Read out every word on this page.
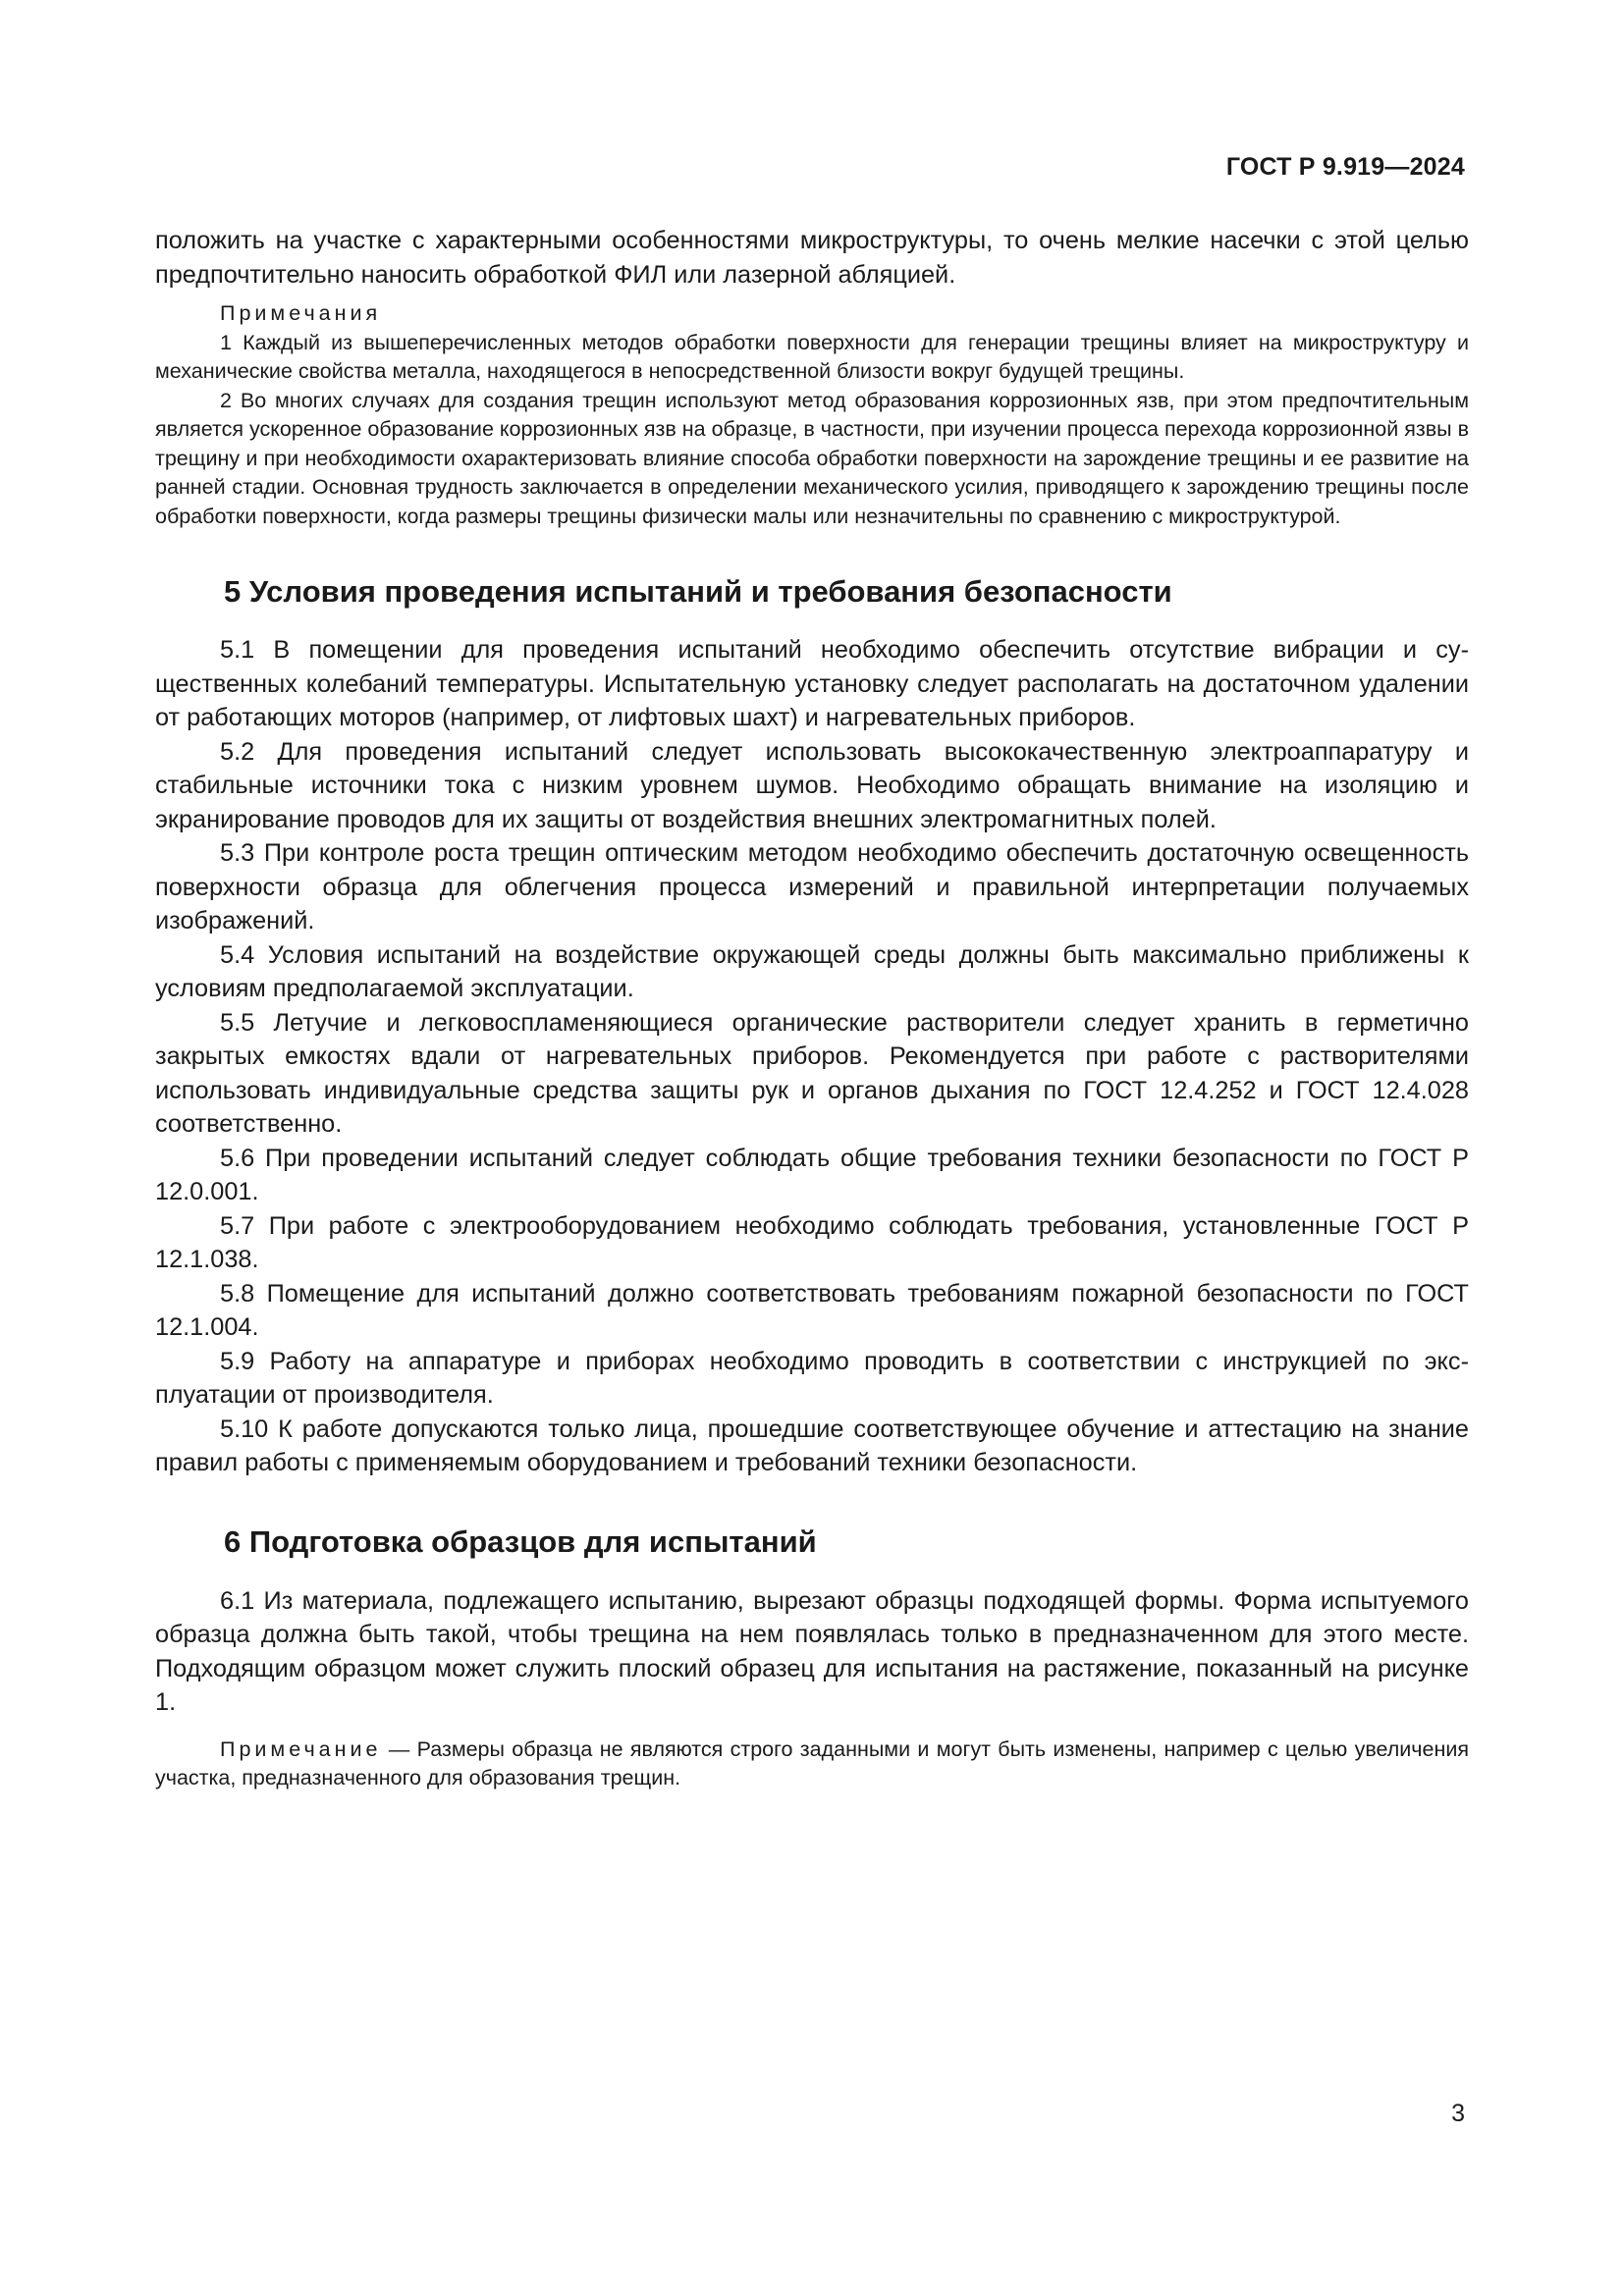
ГОСТ Р 9.919—2024

положить на участке с характерными особенностями микроструктуры, то очень мелкие насечки с этой целью предпочтительно наносить обработкой ФИЛ или лазерной абляцией.

Примечания

1 Каждый из вышеперечисленных методов обработки поверхности для генерации трещины влияет на микроструктуру и механические свойства металла, находящегося в непосредственной близости вокруг будущей трещины.

2 Во многих случаях для создания трещин используют метод образования коррозионных язв, при этом предпочтительным является ускоренное образование коррозионных язв на образце, в частности, при изучении процесса перехода коррозионной язвы в трещину и при необходимости охарактеризовать влияние способа обработки поверхности на зарождение трещины и ее развитие на ранней стадии. Основная трудность заключается в определении механического усилия, приводящего к зарождению трещины после обработки поверхности, когда размеры трещины физически малы или незначительны по сравнению с микроструктурой.

5 Условия проведения испытаний и требования безопасности

5.1 В помещении для проведения испытаний необходимо обеспечить отсутствие вибрации и существенных колебаний температуры. Испытательную установку следует располагать на достаточном удалении от работающих моторов (например, от лифтовых шахт) и нагревательных приборов.

5.2 Для проведения испытаний следует использовать высококачественную электроаппаратуру и стабильные источники тока с низким уровнем шумов. Необходимо обращать внимание на изоляцию и экранирование проводов для их защиты от воздействия внешних электромагнитных полей.

5.3 При контроле роста трещин оптическим методом необходимо обеспечить достаточную освещенность поверхности образца для облегчения процесса измерений и правильной интерпретации получаемых изображений.

5.4 Условия испытаний на воздействие окружающей среды должны быть максимально приближены к условиям предполагаемой эксплуатации.

5.5 Летучие и легковоспламеняющиеся органические растворители следует хранить в герметично закрытых емкостях вдали от нагревательных приборов. Рекомендуется при работе с растворителями использовать индивидуальные средства защиты рук и органов дыхания по ГОСТ 12.4.252 и ГОСТ 12.4.028 соответственно.

5.6 При проведении испытаний следует соблюдать общие требования техники безопасности по ГОСТ Р 12.0.001.

5.7 При работе с электрооборудованием необходимо соблюдать требования, установленные ГОСТ Р 12.1.038.

5.8 Помещение для испытаний должно соответствовать требованиям пожарной безопасности по ГОСТ 12.1.004.

5.9 Работу на аппаратуре и приборах необходимо проводить в соответствии с инструкцией по эксплуатации от производителя.

5.10 К работе допускаются только лица, прошедшие соответствующее обучение и аттестацию на знание правил работы с применяемым оборудованием и требований техники безопасности.

6 Подготовка образцов для испытаний

6.1 Из материала, подлежащего испытанию, вырезают образцы подходящей формы. Форма испытуемого образца должна быть такой, чтобы трещина на нем появлялась только в предназначенном для этого месте. Подходящим образцом может служить плоский образец для испытания на растяжение, показанный на рисунке 1.

Примечание — Размеры образца не являются строго заданными и могут быть изменены, например с целью увеличения участка, предназначенного для образования трещин.

3
